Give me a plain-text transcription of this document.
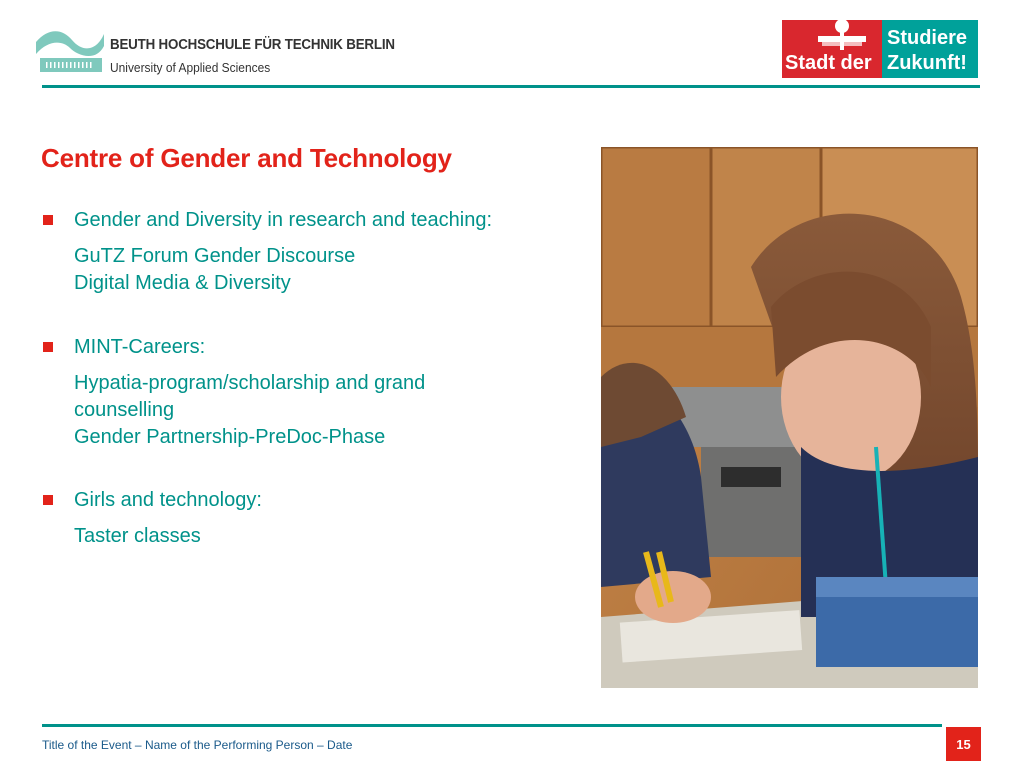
BEUTH HOCHSCHULE FÜR TECHNIK BERLIN
University of Applied Sciences
Studiere
Stadt der Zukunft!
Centre of Gender and Technology
Gender and Diversity in research and teaching:
GuTZ Forum Gender Discourse
Digital Media & Diversity
MINT-Careers:
Hypatia-program/scholarship and grand
counselling
Gender Partnership-PreDoc-Phase
Girls and technology:
Taster classes
Title of the Event – Name of the Performing Person – Date	15
